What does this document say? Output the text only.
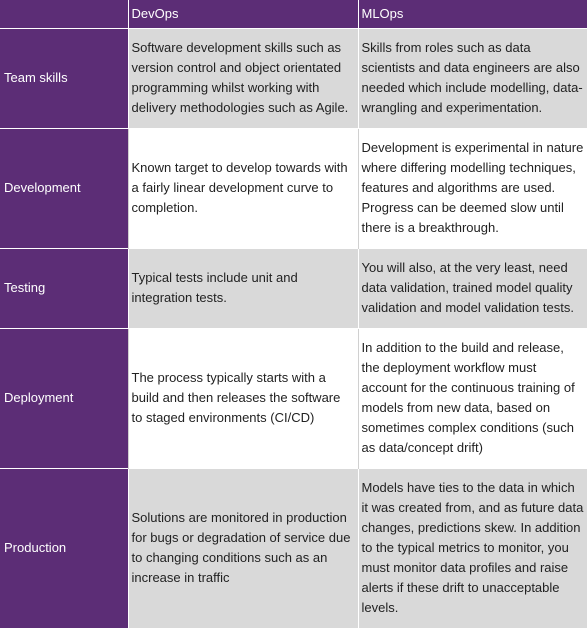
	DevOps	MLOps
Team skills	Software development skills such as version control and object orientated programming whilst working with delivery methodologies such as Agile.	Skills from roles such as data scientists and data engineers are also needed which include modelling, data-wrangling and experimentation.
Development	Known target to develop towards with a fairly linear development curve to completion.	Development is experimental in nature where differing modelling techniques, features and algorithms are used. Progress can be deemed slow until there is a breakthrough.
Testing	Typical tests include unit and integration tests.	You will also, at the very least, need data validation, trained model quality validation and model validation tests.
Deployment	The process typically starts with a build and then releases the software to staged environments (CI/CD)	In addition to the build and release, the deployment workflow must account for the continuous training of models from new data, based on sometimes complex conditions (such as data/concept drift)
Production	Solutions are monitored in production for bugs or degradation of service due to changing conditions such as an increase in traffic	Models have ties to the data in which it was created from, and as future data changes, predictions skew. In addition to the typical metrics to monitor, you must monitor data profiles and raise alerts if these drift to unacceptable levels.
